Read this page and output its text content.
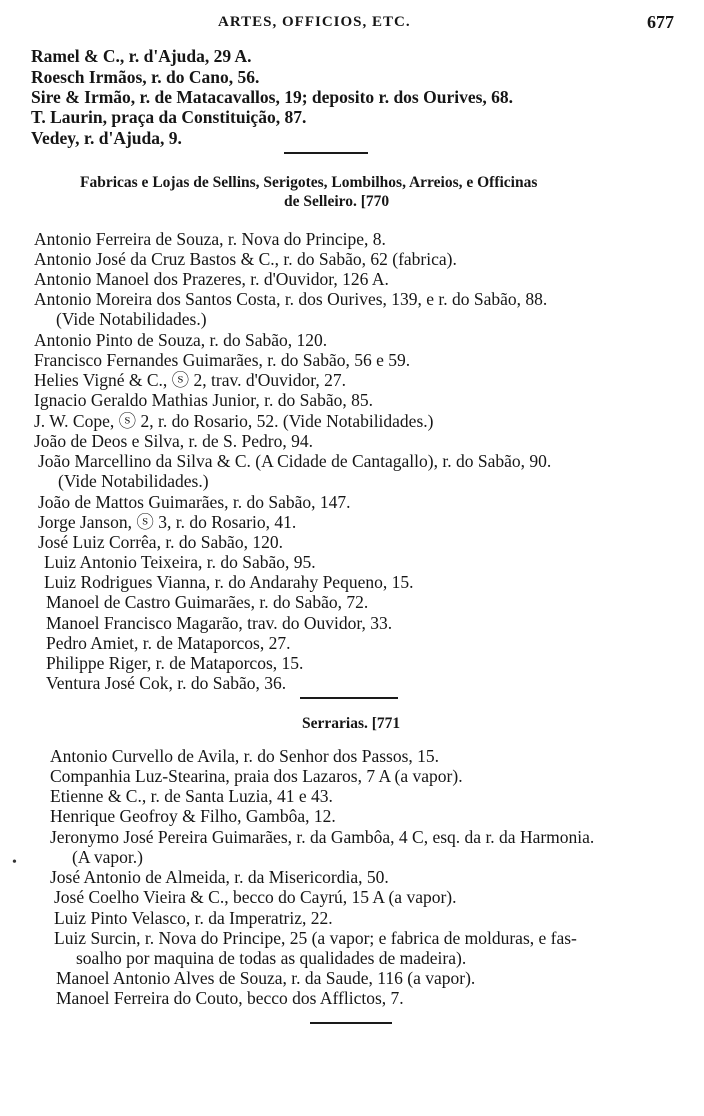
ARTES, OFFICIOS, ETC.	677
Ramel & C., r. d'Ajuda, 29 A.
Roesch Irmãos, r. do Cano, 56.
Sire & Irmão, r. de Matacavallos, 19; deposito r. dos Ourives, 68.
T. Laurin, praça da Constituição, 87.
Vedey, r. d'Ajuda, 9.
Fabricas e Lojas de Sellins, Serigotes, Lombilhos, Arreios, e Officinas
de Selleiro. [770
Antonio Ferreira de Souza, r. Nova do Principe, 8.
Antonio José da Cruz Bastos & C., r. do Sabão, 62 (fabrica).
Antonio Manoel dos Prazeres, r. d'Ouvidor, 126 A.
Antonio Moreira dos Santos Costa, r. dos Ourives, 139, e r. do Sabão, 88.
(Vide Notabilidades.)
Antonio Pinto de Souza, r. do Sabão, 120.
Francisco Fernandes Guimarães, r. do Sabão, 56 e 59.
Helies Vigné & C., ⓢ 2, trav. d'Ouvidor, 27.
Ignacio Geraldo Mathias Junior, r. do Sabão, 85.
J. W. Cope, ⓢ 2, r. do Rosario, 52. (Vide Notabilidades.)
João de Deos e Silva, r. de S. Pedro, 94.
João Marcellino da Silva & C. (A Cidade de Cantagallo), r. do Sabão, 90.
(Vide Notabilidades.)
João de Mattos Guimarães, r. do Sabão, 147.
Jorge Janson, ⓢ 3, r. do Rosario, 41.
José Luiz Corrêa, r. do Sabão, 120.
Luiz Antonio Teixeira, r. do Sabão, 95.
Luiz Rodrigues Vianna, r. do Andarahy Pequeno, 15.
Manoel de Castro Guimarães, r. do Sabão, 72.
Manoel Francisco Magarão, trav. do Ouvidor, 33.
Pedro Amiet, r. de Mataporcos, 27.
Philippe Riger, r. de Mataporcos, 15.
Ventura José Cok, r. do Sabão, 36.
Serrarias. [771
Antonio Curvello de Avila, r. do Senhor dos Passos, 15.
Companhia Luz-Stearina, praia dos Lazaros, 7 A (a vapor).
Etienne & C., r. de Santa Luzia, 41 e 43.
Henrique Geofroy & Filho, Gambôa, 12.
Jeronymo José Pereira Guimarães, r. da Gambôa, 4 C, esq. da r. da Harmonia.
(A vapor.)
José Antonio de Almeida, r. da Misericordia, 50.
José Coelho Vieira & C., becco do Cayrú, 15 A (a vapor).
Luiz Pinto Velasco, r. da Imperatriz, 22.
Luiz Surcin, r. Nova do Principe, 25 (a vapor; e fabrica de molduras, e fas-
soalho por maquina de todas as qualidades de madeira).
Manoel Antonio Alves de Souza, r. da Saude, 116 (a vapor).
Manoel Ferreira do Couto, becco dos Afflictos, 7.
•
